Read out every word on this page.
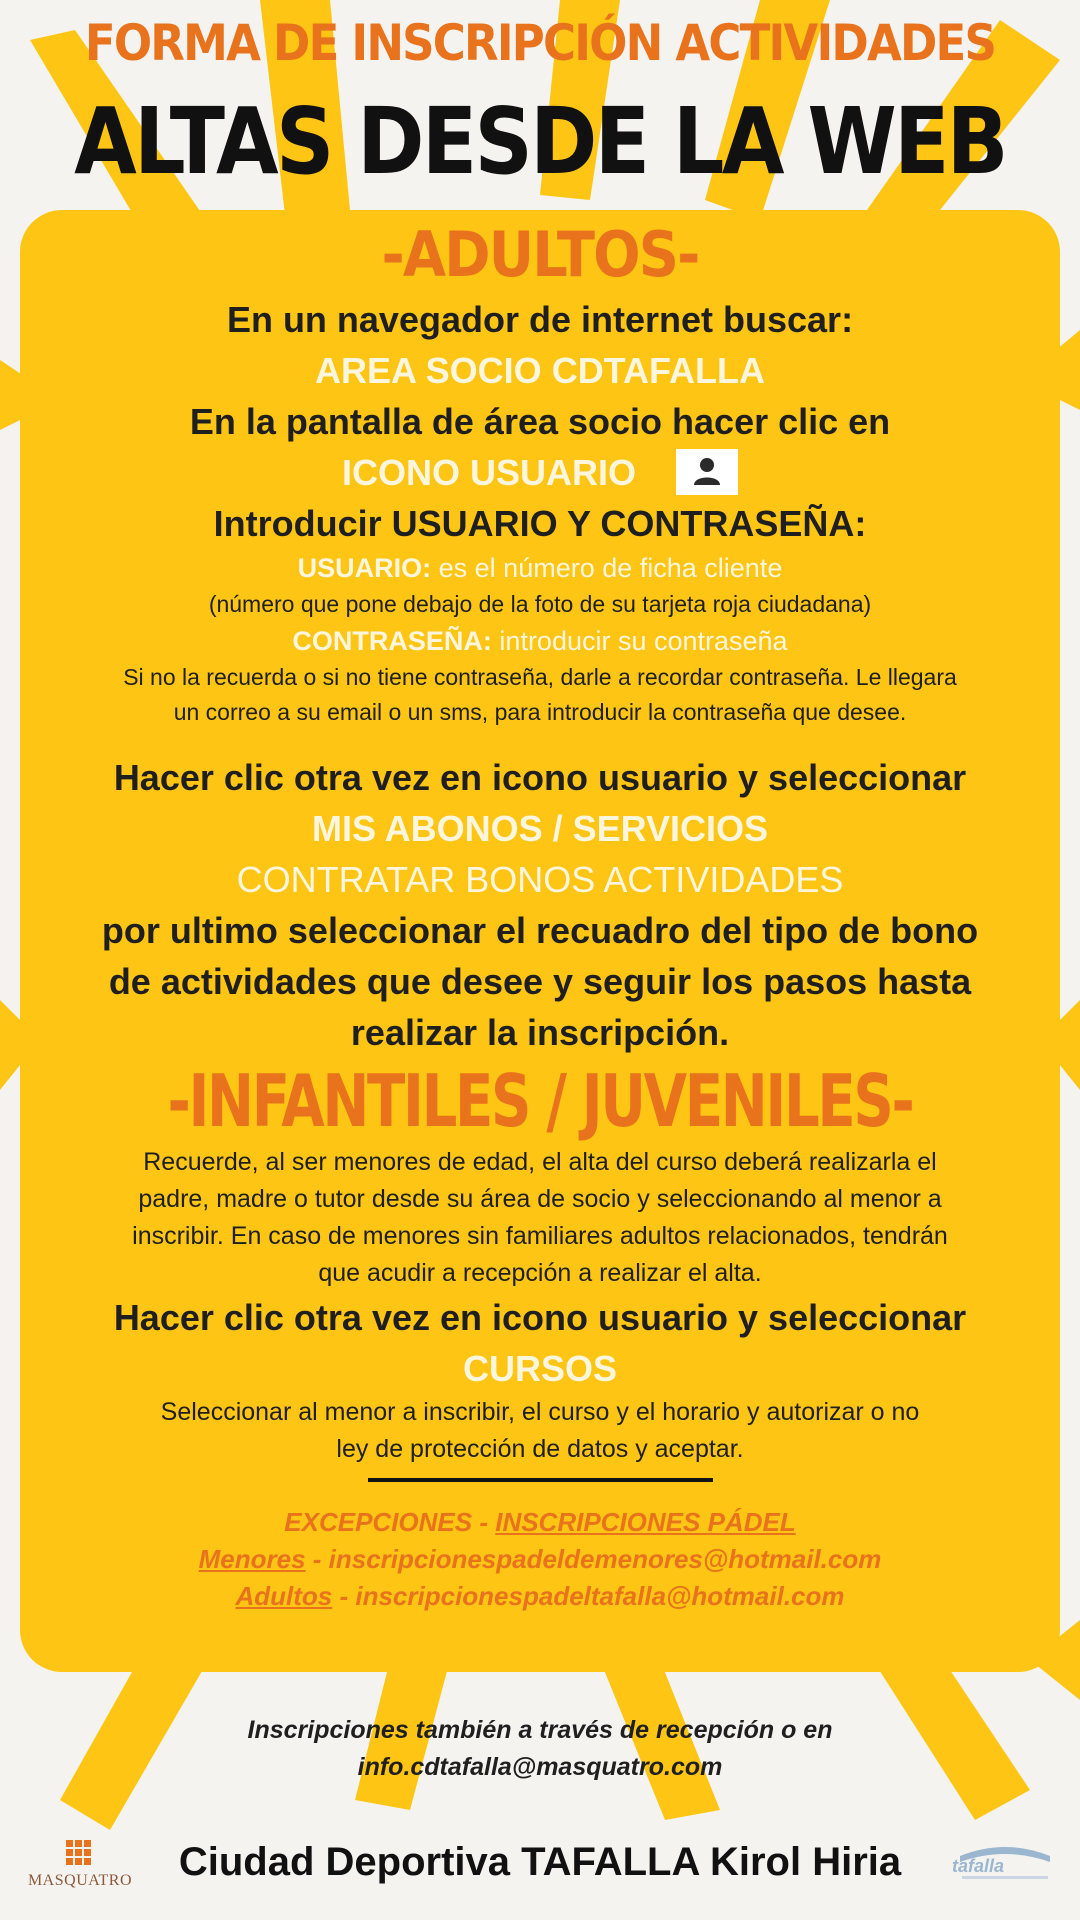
FORMA DE INSCRIPCIÓN ACTIVIDADES
ALTAS DESDE LA WEB
-ADULTOS-

En un navegador de internet buscar:

AREA SOCIO CDTAFALLA

En la pantalla de área socio hacer clic en

ICONO USUARIO

Introducir USUARIO Y CONTRASEÑA:

USUARIO: es el número de ficha cliente

(número que pone debajo de la foto de su tarjeta roja ciudadana)

CONTRASEÑA: introducir su contraseña

Si no la recuerda o si no tiene contraseña, darle a recordar contraseña. Le llegara

un correo a su email o un sms, para introducir la contraseña que desee.

Hacer clic otra vez en icono usuario y seleccionar

MIS ABONOS / SERVICIOS

CONTRATAR BONOS ACTIVIDADES

por ultimo seleccionar el recuadro del tipo de bono

de actividades que desee y seguir los pasos hasta

realizar la inscripción.

-INFANTILES / JUVENILES-

Recuerde, al ser menores de edad, el alta del curso deberá realizarla el

padre, madre o tutor desde su área de socio y seleccionando al menor a

inscribir. En caso de menores sin familiares adultos relacionados, tendrán

que acudir a recepción a realizar el alta.

Hacer clic otra vez en icono usuario y seleccionar

CURSOS

Seleccionar al menor a inscribir, el curso y el horario y autorizar o no

ley de protección de datos y aceptar.

EXCEPCIONES - INSCRIPCIONES PÁDEL

Menores - inscripcionespadeldemenores@hotmail.com

Adultos - inscripcionespadeltafalla@hotmail.com

Inscripciones también a través de recepción o en
info.cdtafalla@masquatro.com
MASQUATRO	Ciudad Deportiva TAFALLA Kirol Hiria	tafalla
